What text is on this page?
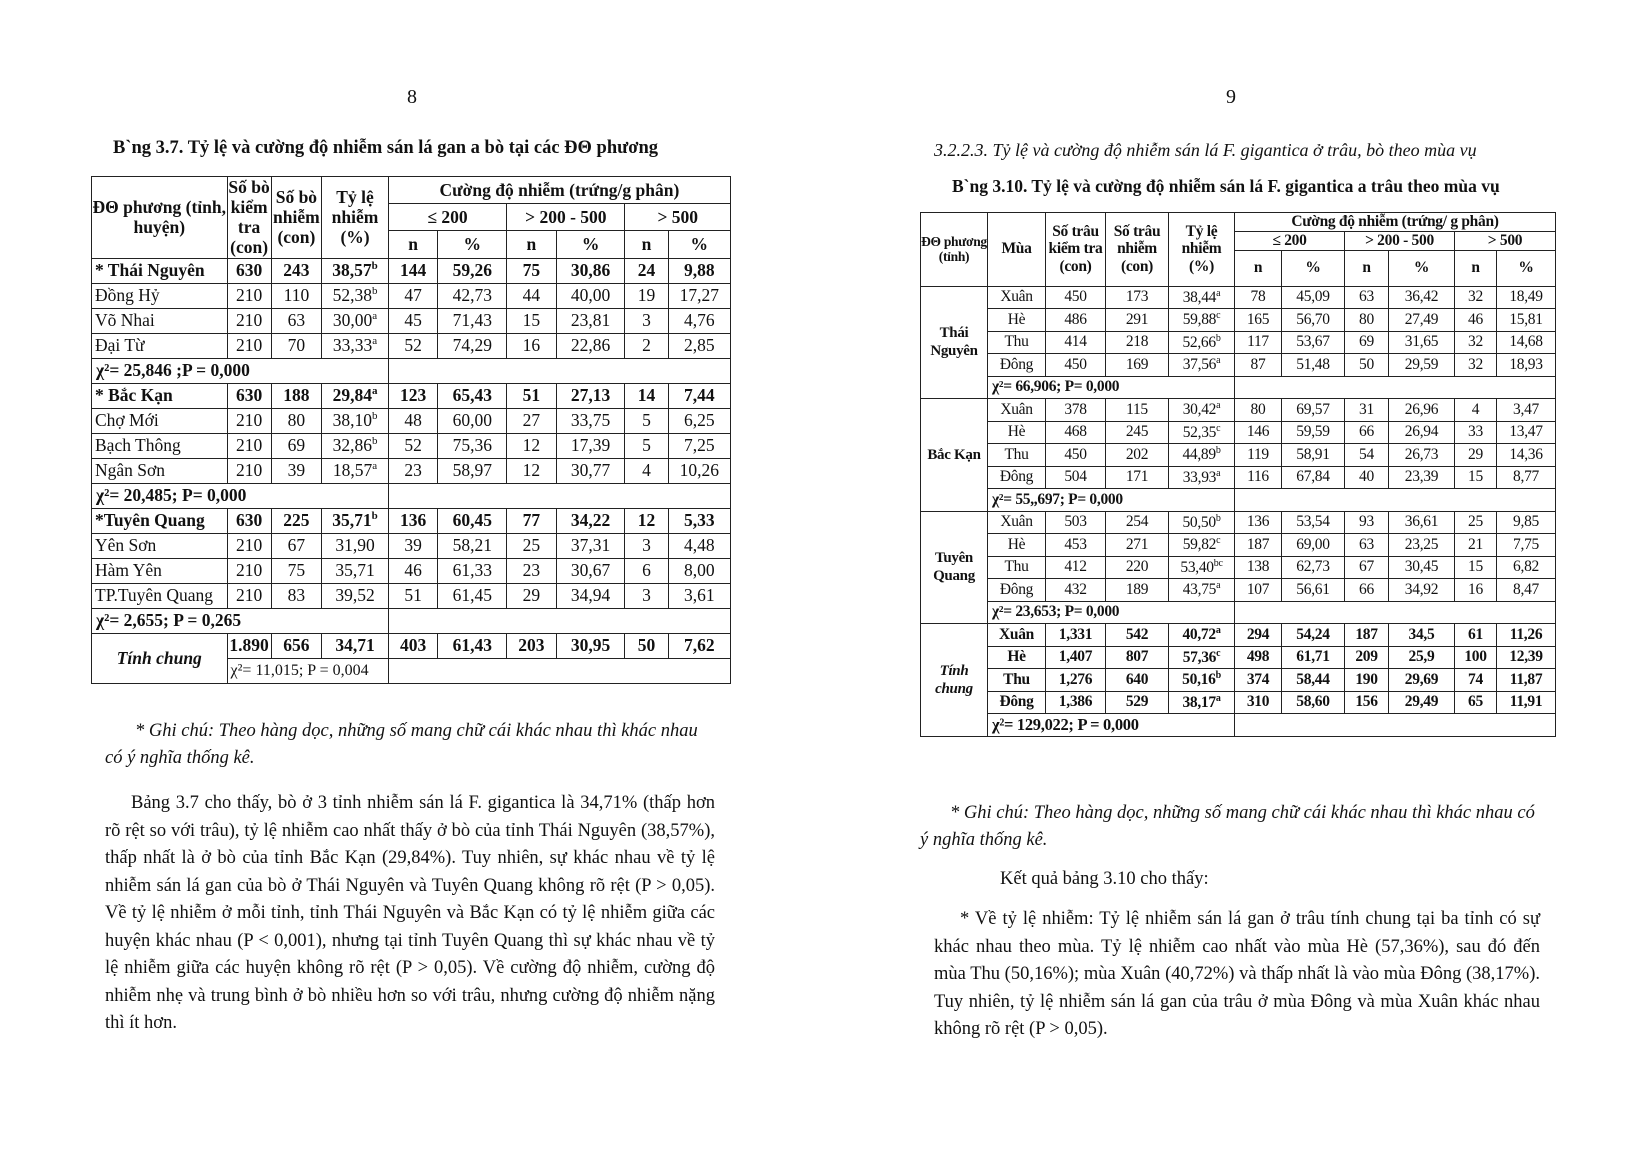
8
B`ng 3.7. Tỷ lệ và cường độ nhiễm sán lá gan a bò tại các ĐΘ phương
ĐΘ phương (tỉnh, huyện)	Số bò kiểm tra (con)	Số bò nhiễm (con)	Tỷ lệ nhiễm (%)	Cường độ nhiễm (trứng/g phân)					
				≤ 200		> 200 - 500		> 500	
				n	%	n	%	n	%
* Thái Nguyên	630	243	38,57$^b$	144	59,26	75	30,86	24	9,88
Đồng Hỷ	210	110	52,38$^b$	47	42,73	44	40,00	19	17,27
Võ Nhai	210	63	30,00$^a$	45	71,43	15	23,81	3	4,76
Đại Từ	210	70	33,33$^a$	52	74,29	16	22,86	2	2,85
χ²= 25,846 ;P = 0,000									
* Bắc Kạn	630	188	29,84$^a$	123	65,43	51	27,13	14	7,44
Chợ Mới	210	80	38,10$^b$	48	60,00	27	33,75	5	6,25
Bạch Thông	210	69	32,86$^b$	52	75,36	12	17,39	5	7,25
Ngân Sơn	210	39	18,57$^a$	23	58,97	12	30,77	4	10,26
χ²= 20,485; P= 0,000									
*Tuyên Quang	630	225	35,71$^b$	136	60,45	77	34,22	12	5,33
Yên Sơn	210	67	31,90	39	58,21	25	37,31	3	4,48
Hàm Yên	210	75	35,71	46	61,33	23	30,67	6	8,00
TP.Tuyên Quang	210	83	39,52	51	61,45	29	34,94	3	3,61
χ²= 2,655; P = 0,265									
Tính chung	1.890	656	34,71	403	61,43	203	30,95	50	7,62
	χ²= 11,015; P = 0,004								
* Ghi chú: Theo hàng dọc, những số mang chữ cái khác nhau thì khác nhau có ý nghĩa thống kê.
Bảng 3.7 cho thấy, bò ở 3 tỉnh nhiễm sán lá F. gigantica là 34,71% (thấp hơn rõ rệt so với trâu), tỷ lệ nhiễm cao nhất thấy ở bò của tỉnh Thái Nguyên (38,57%), thấp nhất là ở bò của tỉnh Bắc Kạn (29,84%). Tuy nhiên, sự khác nhau về tỷ lệ nhiễm sán lá gan của bò ở Thái Nguyên và Tuyên Quang không rõ rệt (P > 0,05). Về tỷ lệ nhiễm ở mỗi tỉnh, tỉnh Thái Nguyên và Bắc Kạn có tỷ lệ nhiễm giữa các huyện khác nhau (P < 0,001), nhưng tại tỉnh Tuyên Quang thì sự khác nhau về tỷ lệ nhiễm giữa các huyện không rõ rệt (P > 0,05). Về cường độ nhiễm, cường độ nhiễm nhẹ và trung bình ở bò nhiều hơn so với trâu, nhưng cường độ nhiễm nặng thì ít hơn.
9
3.2.2.3. Tỷ lệ và cường độ nhiễm sán lá F. gigantica ở trâu, bò theo mùa vụ
B`ng 3.10. Tỷ lệ và cường độ nhiễm sán lá F. gigantica a trâu theo mùa vụ
ĐΘ phương (tỉnh)	Mùa	Số trâu kiểm tra (con)	Số trâu nhiễm (con)	Tỷ lệ nhiễm (%)	Cường độ nhiễm (trứng/ g phân)					
					≤ 200		> 200 - 500		> 500	
					n	%	n	%	n	%
Thái Nguyên	Xuân	450	173	38,44$^a$	78	45,09	63	36,42	32	18,49
	Hè	486	291	59,88$^c$	165	56,70	80	27,49	46	15,81
	Thu	414	218	52,66$^b$	117	53,67	69	31,65	32	14,68
	Đông	450	169	37,56$^a$	87	51,48	50	29,59	32	18,93
	χ²= 66,906; P= 0,000									
Bắc Kạn	Xuân	378	115	30,42$^a$	80	69,57	31	26,96	4	3,47
	Hè	468	245	52,35$^c$	146	59,59	66	26,94	33	13,47
	Thu	450	202	44,89$^b$	119	58,91	54	26,73	29	14,36
	Đông	504	171	33,93$^a$	116	67,84	40	23,39	15	8,77
	χ²= 55,,697; P= 0,000									
Tuyên Quang	Xuân	503	254	50,50$^b$	136	53,54	93	36,61	25	9,85
	Hè	453	271	59,82$^c$	187	69,00	63	23,25	21	7,75
	Thu	412	220	53,40$^{bc}$	138	62,73	67	30,45	15	6,82
	Đông	432	189	43,75$^a$	107	56,61	66	34,92	16	8,47
	χ²= 23,653; P= 0,000									
Tính chung	Xuân	1,331	542	40,72$^a$	294	54,24	187	34,5	61	11,26
	Hè	1,407	807	57,36$^c$	498	61,71	209	25,9	100	12,39
	Thu	1,276	640	50,16$^b$	374	58,44	190	29,69	74	11,87
	Đông	1,386	529	38,17$^a$	310	58,60	156	29,49	65	11,91
	χ²= 129,022; P = 0,000									
* Ghi chú: Theo hàng dọc, những số mang chữ cái khác nhau thì khác nhau có ý nghĩa thống kê.
Kết quả bảng 3.10 cho thấy:
* Về tỷ lệ nhiễm: Tỷ lệ nhiễm sán lá gan ở trâu tính chung tại ba tỉnh có sự khác nhau theo mùa. Tỷ lệ nhiễm cao nhất vào mùa Hè (57,36%), sau đó đến mùa Thu (50,16%); mùa Xuân (40,72%) và thấp nhất là vào mùa Đông (38,17%). Tuy nhiên, tỷ lệ nhiễm sán lá gan của trâu ở mùa Đông và mùa Xuân khác nhau không rõ rệt (P > 0,05).
